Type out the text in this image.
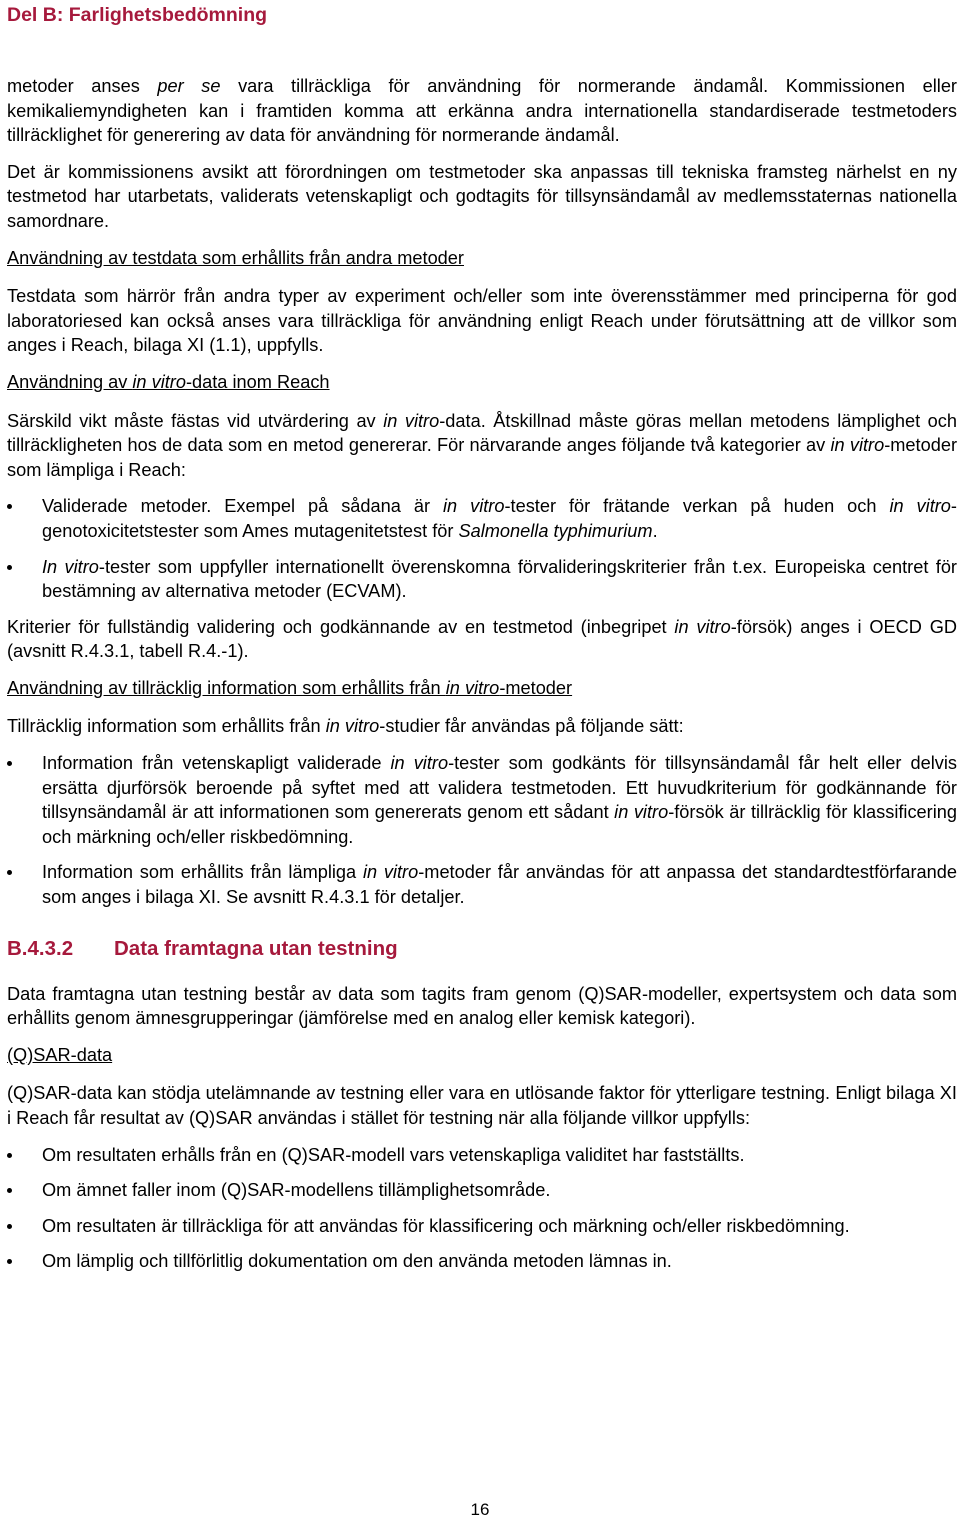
Del B: Farlighetsbedömning

metoder anses per se vara tillräckliga för användning för normerande ändamål. Kommissionen eller kemikaliemyndigheten kan i framtiden komma att erkänna andra internationella standardiserade testmetoders tillräcklighet för generering av data för användning för normerande ändamål.

Det är kommissionens avsikt att förordningen om testmetoder ska anpassas till tekniska framsteg närhelst en ny testmetod har utarbetats, validerats vetenskapligt och godtagits för tillsynsändamål av medlemsstaternas nationella samordnare.

Användning av testdata som erhållits från andra metoder

Testdata som härrör från andra typer av experiment och/eller som inte överensstämmer med principerna för god laboratoriesed kan också anses vara tillräckliga för användning enligt Reach under förutsättning att de villkor som anges i Reach, bilaga XI (1.1), uppfylls.

Användning av in vitro-data inom Reach

Särskild vikt måste fästas vid utvärdering av in vitro-data. Åtskillnad måste göras mellan metodens lämplighet och tillräckligheten hos de data som en metod genererar. För närvarande anges följande två kategorier av in vitro-metoder som lämpliga i Reach:

Validerade metoder. Exempel på sådana är in vitro-tester för frätande verkan på huden och in vitro-genotoxicitetstester som Ames mutagenitetstest för Salmonella typhimurium.
In vitro-tester som uppfyller internationellt överenskomna förvalideringskriterier från t.ex. Europeiska centret för bestämning av alternativa metoder (ECVAM).

Kriterier för fullständig validering och godkännande av en testmetod (inbegripet in vitro-försök) anges i OECD GD (avsnitt R.4.3.1, tabell R.4.-1).

Användning av tillräcklig information som erhållits från in vitro-metoder

Tillräcklig information som erhållits från in vitro-studier får användas på följande sätt:

Information från vetenskapligt validerade in vitro-tester som godkänts för tillsynsändamål får helt eller delvis ersätta djurförsök beroende på syftet med att validera testmetoden. Ett huvudkriterium för godkännande för tillsynsändamål är att informationen som genererats genom ett sådant in vitro-försök är tillräcklig för klassificering och märkning och/eller riskbedömning.
Information som erhållits från lämpliga in vitro-metoder får användas för att anpassa det standardtestförfarande som anges i bilaga XI. Se avsnitt R.4.3.1 för detaljer.
B.4.3.2 Data framtagna utan testning

Data framtagna utan testning består av data som tagits fram genom (Q)SAR-modeller, expertsystem och data som erhållits genom ämnesgrupperingar (jämförelse med en analog eller kemisk kategori).

(Q)SAR-data

(Q)SAR-data kan stödja utelämnande av testning eller vara en utlösande faktor för ytterligare testning. Enligt bilaga XI i Reach får resultat av (Q)SAR användas i stället för testning när alla följande villkor uppfylls:

Om resultaten erhålls från en (Q)SAR-modell vars vetenskapliga validitet har fastställts.
Om ämnet faller inom (Q)SAR-modellens tillämplighetsområde.
Om resultaten är tillräckliga för att användas för klassificering och märkning och/eller riskbedömning.
Om lämplig och tillförlitlig dokumentation om den använda metoden lämnas in.
16
